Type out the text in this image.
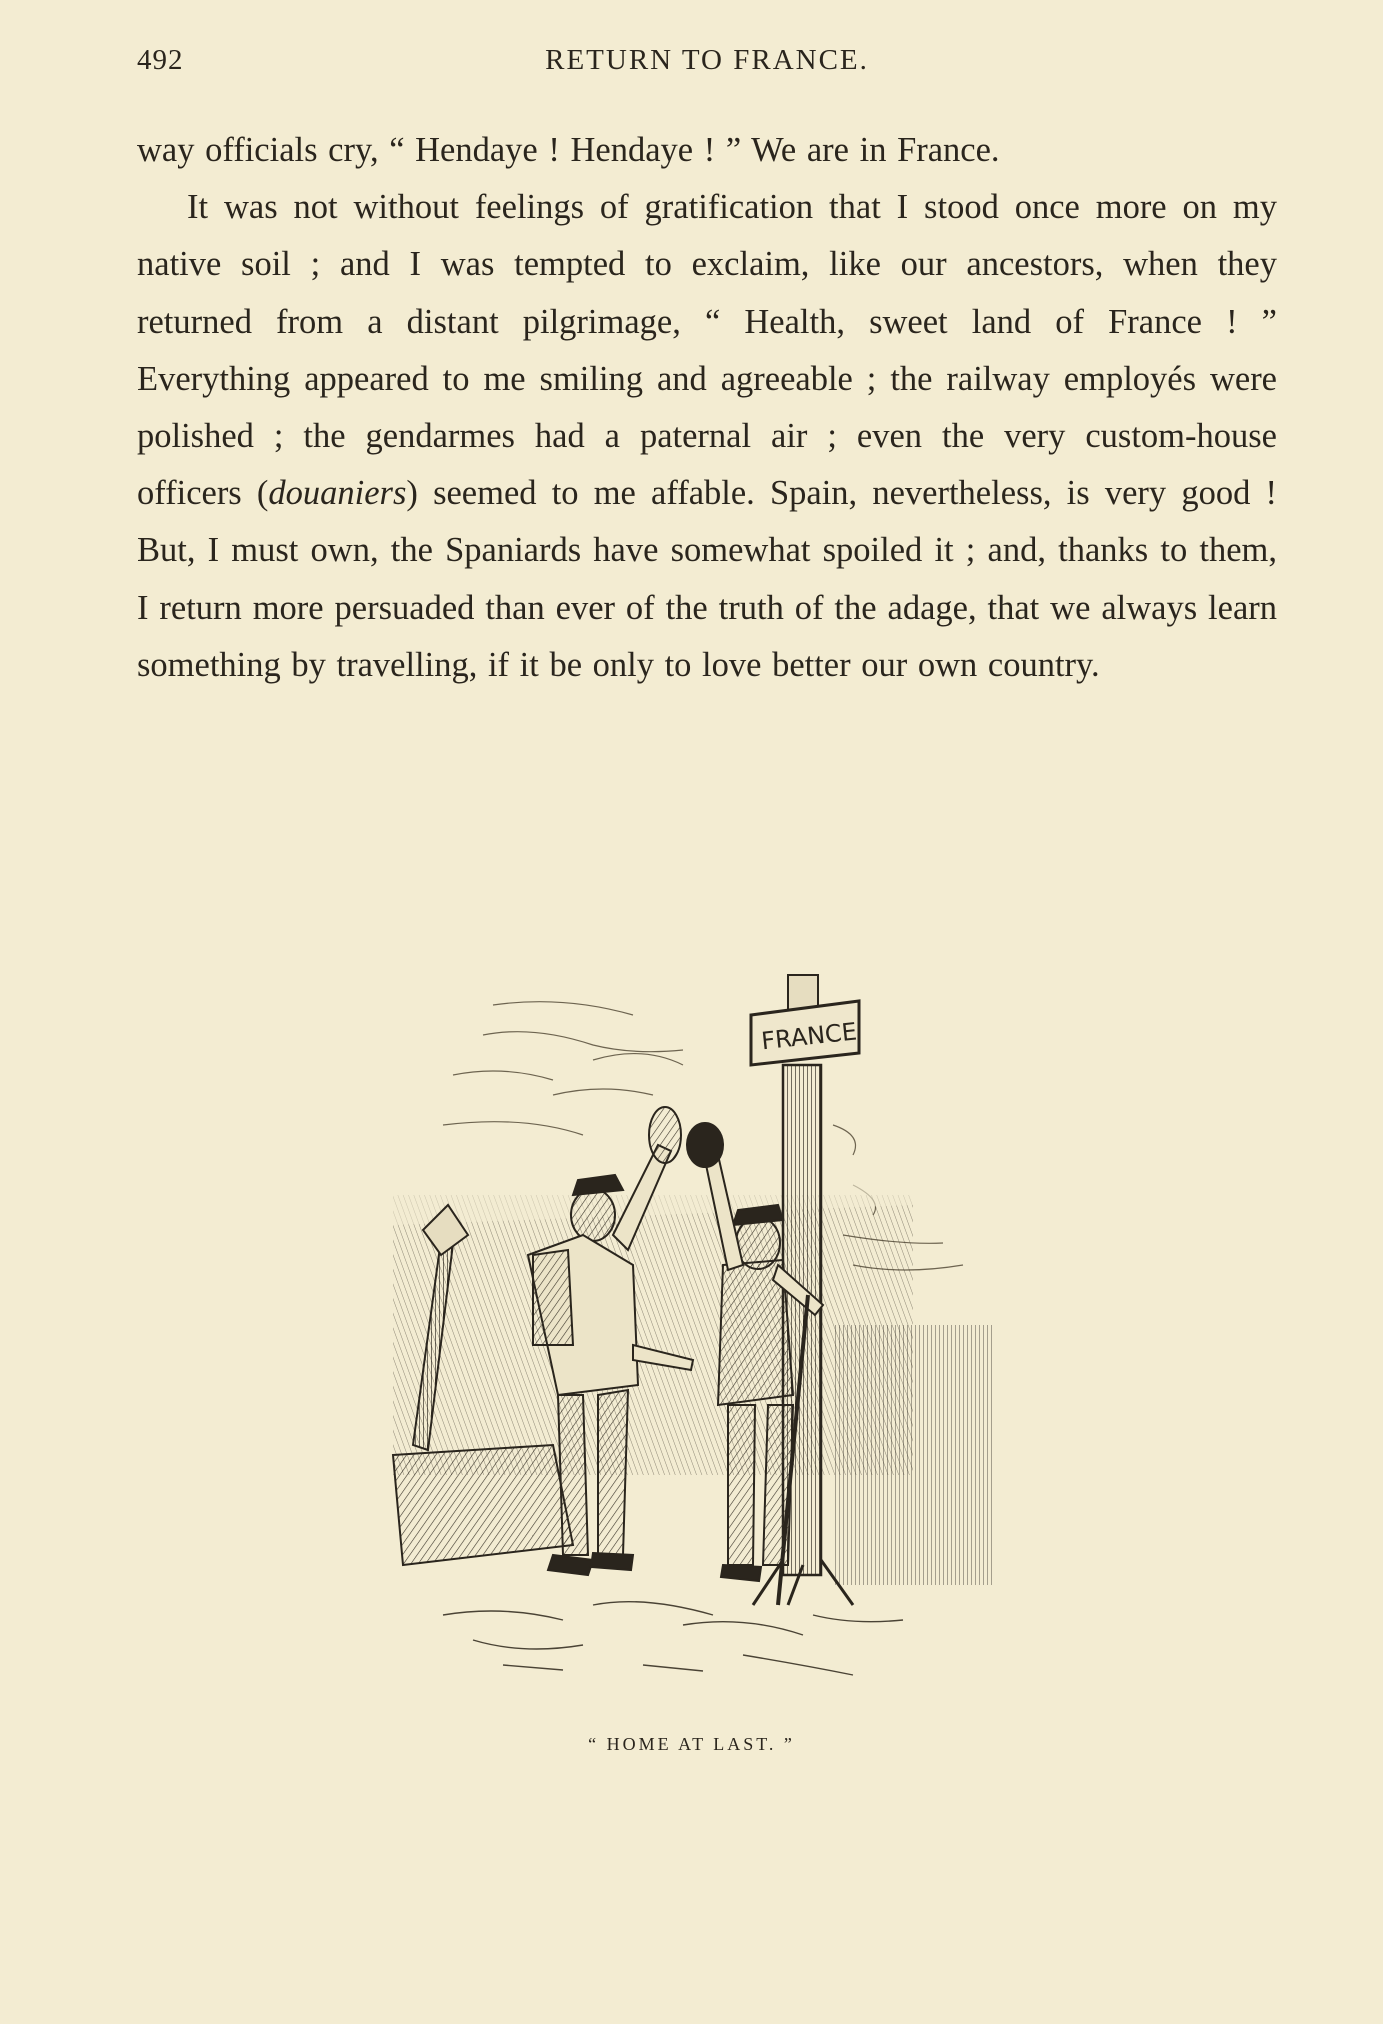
492	RETURN TO FRANCE.

way officials cry, “ Hendaye ! Hendaye ! ” We are in France.

It was not without feelings of gratification that I stood once more on my native soil ; and I was tempted to exclaim, like our ancestors, when they returned from a distant pilgrimage, “ Health, sweet land of France ! ” Everything appeared to me smiling and agreeable ; the railway employés were polished ; the gendarmes had a paternal air ; even the very custom-house officers (douaniers) seemed to me affable. Spain, nevertheless, is very good ! But, I must own, the Spaniards have somewhat spoiled it ; and, thanks to them, I return more persuaded than ever of the truth of the adage, that we always learn something by travelling, if it be only to love better our own country.

FRANCE
“ HOME AT LAST. ”
